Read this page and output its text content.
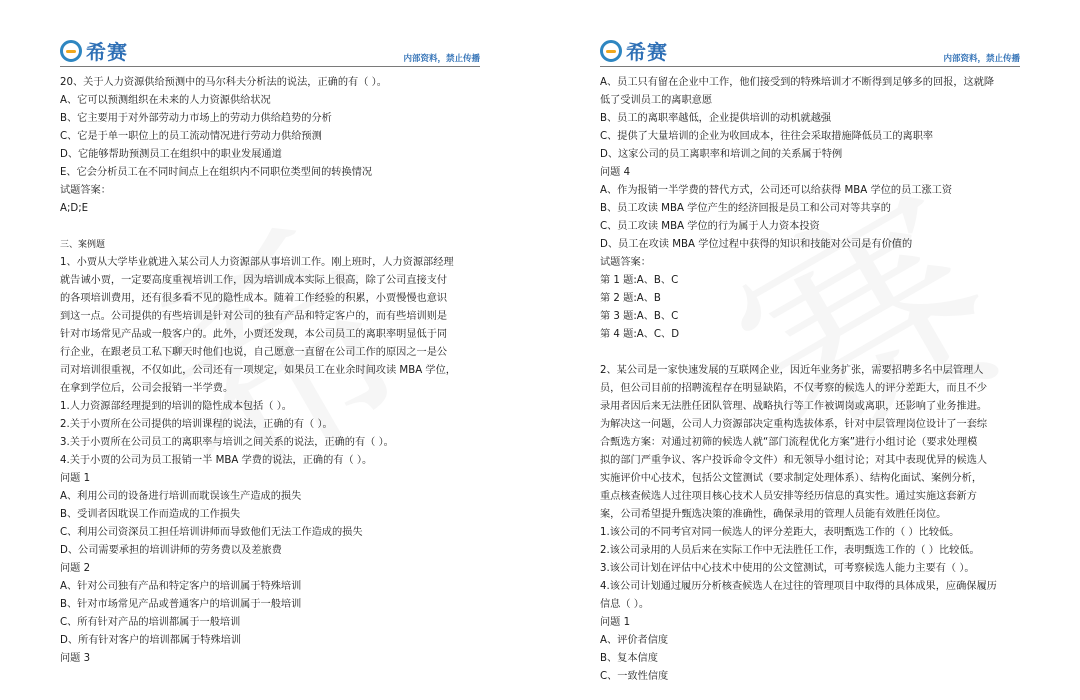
希赛	内部资料，禁止传播
20、关于人力资源供给预测中的马尔科夫分析法的说法，正确的有（ ）。
A、它可以预测组织在未来的人力资源供给状况
B、它主要用于对外部劳动力市场上的劳动力供给趋势的分析
C、它是于单一职位上的员工流动情况进行劳动力供给预测
D、它能够帮助预测员工在组织中的职业发展通道
E、它会分析员工在不同时间点上在组织内不同职位类型间的转换情况
试题答案：
A;D;E
三、案例题
1、小贾从大学毕业就进入某公司人力资源部从事培训工作。刚上班时，人力资源部经理
就告诫小贾，一定要高度重视培训工作，因为培训成本实际上很高，除了公司直接支付
的各项培训费用，还有很多看不见的隐性成本。随着工作经验的积累，小贾慢慢也意识
到这一点。公司提供的有些培训是针对公司的独有产品和特定客户的，而有些培训则是
针对市场常见产品或一般客户的。此外，小贾还发现，本公司员工的离职率明显低于同
行企业，在跟老员工私下聊天时他们也说，自己愿意一直留在公司工作的原因之一是公
司对培训很重视，不仅如此，公司还有一项规定，如果员工在业余时间攻读 MBA 学位，
在拿到学位后，公司会报销一半学费。
1.人力资源部经理提到的培训的隐性成本包括（ ）。
2.关于小贾所在公司提供的培训课程的说法，正确的有（ ）。
3.关于小贾所在公司员工的离职率与培训之间关系的说法，正确的有（ ）。
4.关于小贾的公司为员工报销一半 MBA 学费的说法，正确的有（ ）。
问题 1
A、利用公司的设备进行培训而耽误该生产造成的损失
B、受训者因耽误工作而造成的工作损失
C、利用公司资深员工担任培训讲师而导致他们无法工作造成的损失
D、公司需要承担的培训讲师的劳务费以及差旅费
问题 2
A、针对公司独有产品和特定客户的培训属于特殊培训
B、针对市场常见产品或普通客户的培训属于一般培训
C、所有针对产品的培训都属于一般培训
D、所有针对客户的培训都属于特殊培训
问题 3
希赛	内部资料，禁止传播
A、员工只有留在企业中工作，他们接受到的特殊培训才不断得到足够多的回报，这就降
低了受训员工的离职意愿
B、员工的离职率越低，企业提供培训的动机就越强
C、提供了大量培训的企业为收回成本，往往会采取措施降低员工的离职率
D、这家公司的员工离职率和培训之间的关系属于特例
问题 4
A、作为报销一半学费的替代方式，公司还可以给获得 MBA 学位的员工涨工资
B、员工攻读 MBA 学位产生的经济回报是员工和公司对等共享的
C、员工攻读 MBA 学位的行为属于人力资本投资
D、员工在攻读 MBA 学位过程中获得的知识和技能对公司是有价值的
试题答案：
第 1 题:A、B、C
第 2 题:A、B
第 3 题:A、B、C
第 4 题:A、C、D
2、某公司是一家快速发展的互联网企业，因近年业务扩张，需要招聘多名中层管理人
员，但公司目前的招聘流程存在明显缺陷，不仅考察的候选人的评分差距大，而且不少
录用者因后来无法胜任团队管理、战略执行等工作被调岗或离职，还影响了业务推进。
为解决这一问题，公司人力资源部决定重构选拔体系，针对中层管理岗位设计了一套综
合甄选方案：对通过初筛的候选人就“部门流程优化方案”进行小组讨论（要求处理模
拟的部门严重争议、客户投诉命令文件）和无领导小组讨论；对其中表现优异的候选人
实施评价中心技术，包括公文筐测试（要求制定处理体系）、结构化面试、案例分析，
重点核查候选人过往项目核心技术人员安排等经历信息的真实性。通过实施这套新方
案，公司希望提升甄选决策的准确性，确保录用的管理人员能有效胜任岗位。
1.该公司的不同考官对同一候选人的评分差距大，表明甄选工作的（ ）比较低。
2.该公司录用的人员后来在实际工作中无法胜任工作，表明甄选工作的（ ）比较低。
3.该公司计划在评估中心技术中使用的公文筐测试，可考察候选人能力主要有（ ）。
4.该公司计划通过履历分析核查候选人在过往的管理项目中取得的具体成果，应确保履历
信息（ ）。
问题 1
A、评价者信度
B、复本信度
C、一致性信度
